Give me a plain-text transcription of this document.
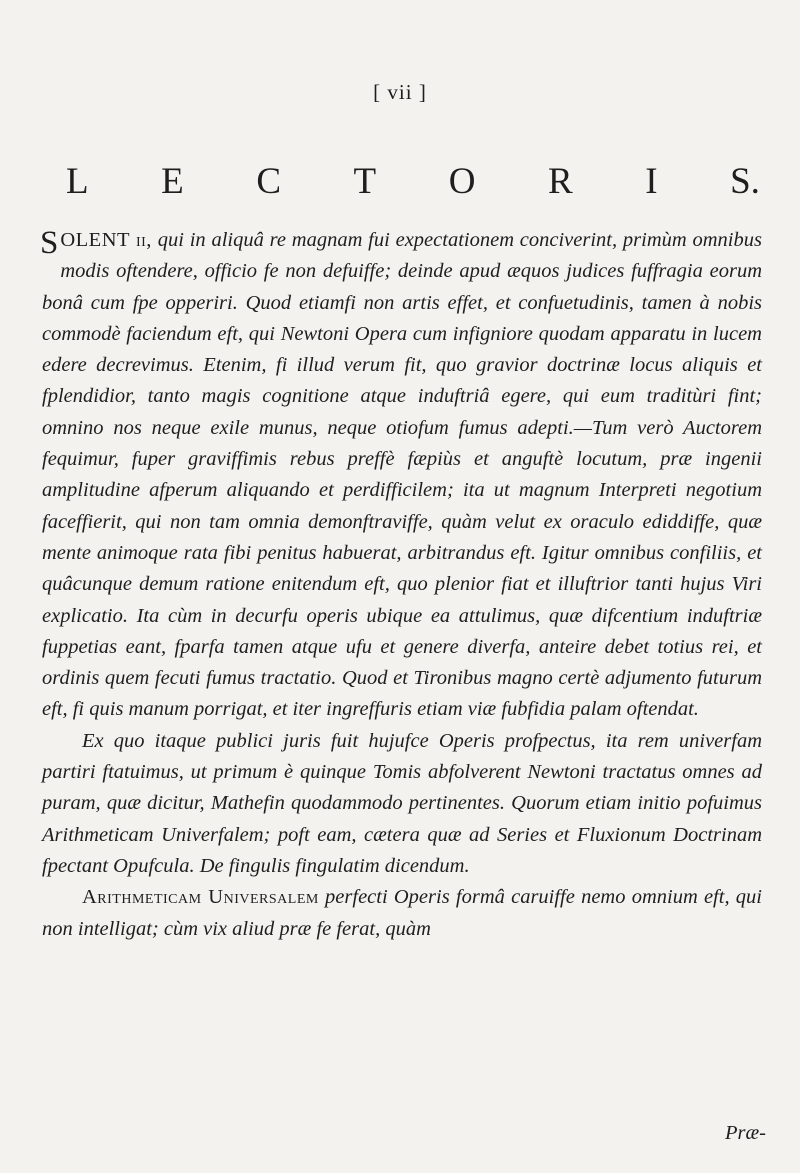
[ vii ]
L E C T O R I S.

SOLENT ii, qui in aliquâ re magnam fui expectationem conciverint, primùm omnibus modis oftendere, officio fe non defuiffe; deinde apud æquos judices fuffragia eorum bonâ cum fpe opperiri. Quod etiamfi non artis effet, et confuetudinis, tamen à nobis commodè faciendum eft, qui Newtoni Opera cum infigniore quodam apparatu in lucem edere decrevimus. Etenim, fi illud verum fit, quo gravior doctrinæ locus aliquis et fplendidior, tanto magis cognitione atque induftriâ egere, qui eum traditùri fint; omnino nos neque exile munus, neque otiofum fumus adepti.—Tum verò Auctorem fequimur, fuper graviffimis rebus preffè fæpiùs et anguftè locutum, præ ingenii amplitudine afperum aliquando et perdifficilem; ita ut magnum Interpreti negotium faceffierit, qui non tam omnia demonftraviffe, quàm velut ex oraculo ediddiffe, quæ mente animoque rata fibi penitus habuerat, arbitrandus eft. Igitur omnibus confiliis, et quâcunque demum ratione enitendum eft, quo plenior fiat et illuftrior tanti hujus Viri explicatio. Ita cùm in decurfu operis ubique ea attulimus, quæ difcentium induftriæ fuppetias eant, fparfa tamen atque ufu et genere diverfa, anteire debet totius rei, et ordinis quem fecuti fumus tractatio. Quod et Tironibus magno certè adjumento futurum eft, fi quis manum porrigat, et iter ingreffuris etiam viæ fubfidia palam oftendat.

Ex quo itaque publici juris fuit hujufce Operis profpectus, ita rem univerfam partiri ftatuimus, ut primum è quinque Tomis abfolverent Newtoni tractatus omnes ad puram, quæ dicitur, Mathefin quodammodo pertinentes. Quorum etiam initio pofuimus Arithmeticam Univerfalem; poft eam, cætera quæ ad Series et Fluxionum Doctrinam fpectant Opufcula. De fingulis fingulatim dicendum.

Arithmeticam Universalem perfecti Operis formâ caruiffe nemo omnium eft, qui non intelligat; cùm vix aliud præ fe ferat, quàm

Præ-
